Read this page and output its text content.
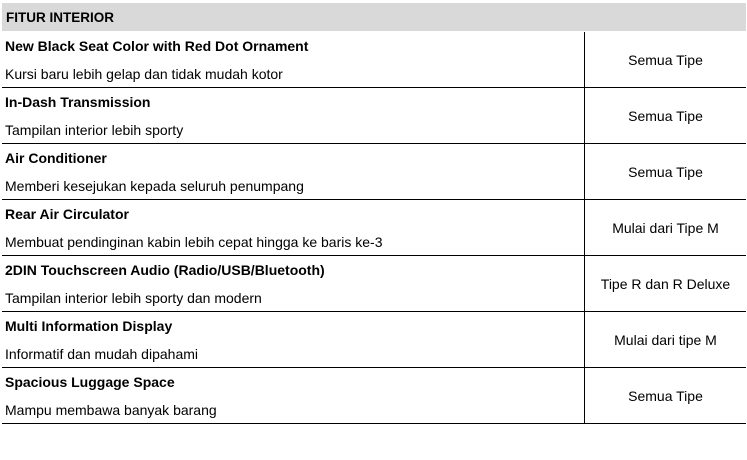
FITUR INTERIOR
New Black Seat Color with Red Dot Ornament
Kursi baru lebih gelap dan tidak mudah kotor
Semua Tipe
In-Dash Transmission
Tampilan interior lebih sporty
Semua Tipe
Air Conditioner
Memberi kesejukan kepada seluruh penumpang
Semua Tipe
Rear Air Circulator
Membuat pendinginan kabin lebih cepat hingga ke baris ke-3
Mulai dari Tipe M
2DIN Touchscreen Audio (Radio/USB/Bluetooth)
Tampilan interior lebih sporty dan modern
Tipe R dan R Deluxe
Multi Information Display
Informatif dan mudah dipahami
Mulai dari tipe M
Spacious Luggage Space
Mampu membawa banyak barang
Semua Tipe
